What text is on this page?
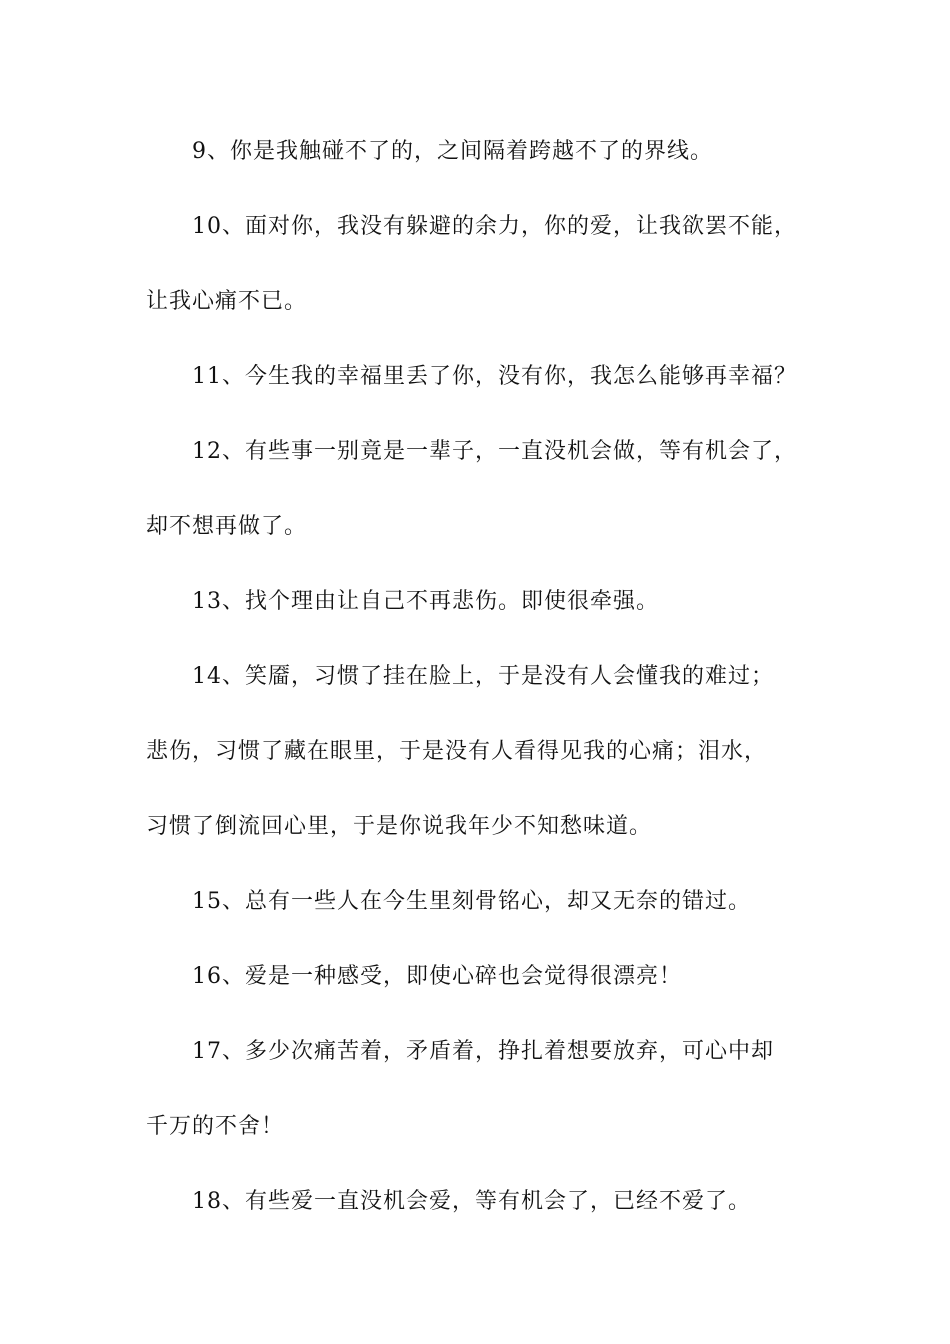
9、你是我触碰不了的，之间隔着跨越不了的界线。
10、面对你，我没有躲避的余力，你的爱，让我欲罢不能，
让我心痛不已。
11、今生我的幸福里丢了你，没有你，我怎么能够再幸福？
12、有些事一别竟是一辈子，一直没机会做，等有机会了，
却不想再做了。
13、找个理由让自己不再悲伤。即使很牵强。
14、笑靥，习惯了挂在脸上，于是没有人会懂我的难过；
悲伤，习惯了藏在眼里，于是没有人看得见我的心痛；泪水，
习惯了倒流回心里，于是你说我年少不知愁味道。
15、总有一些人在今生里刻骨铭心，却又无奈的错过。
16、爱是一种感受，即使心碎也会觉得很漂亮！
17、多少次痛苦着，矛盾着，挣扎着想要放弃，可心中却
千万的不舍！
18、有些爱一直没机会爱，等有机会了，已经不爱了。
